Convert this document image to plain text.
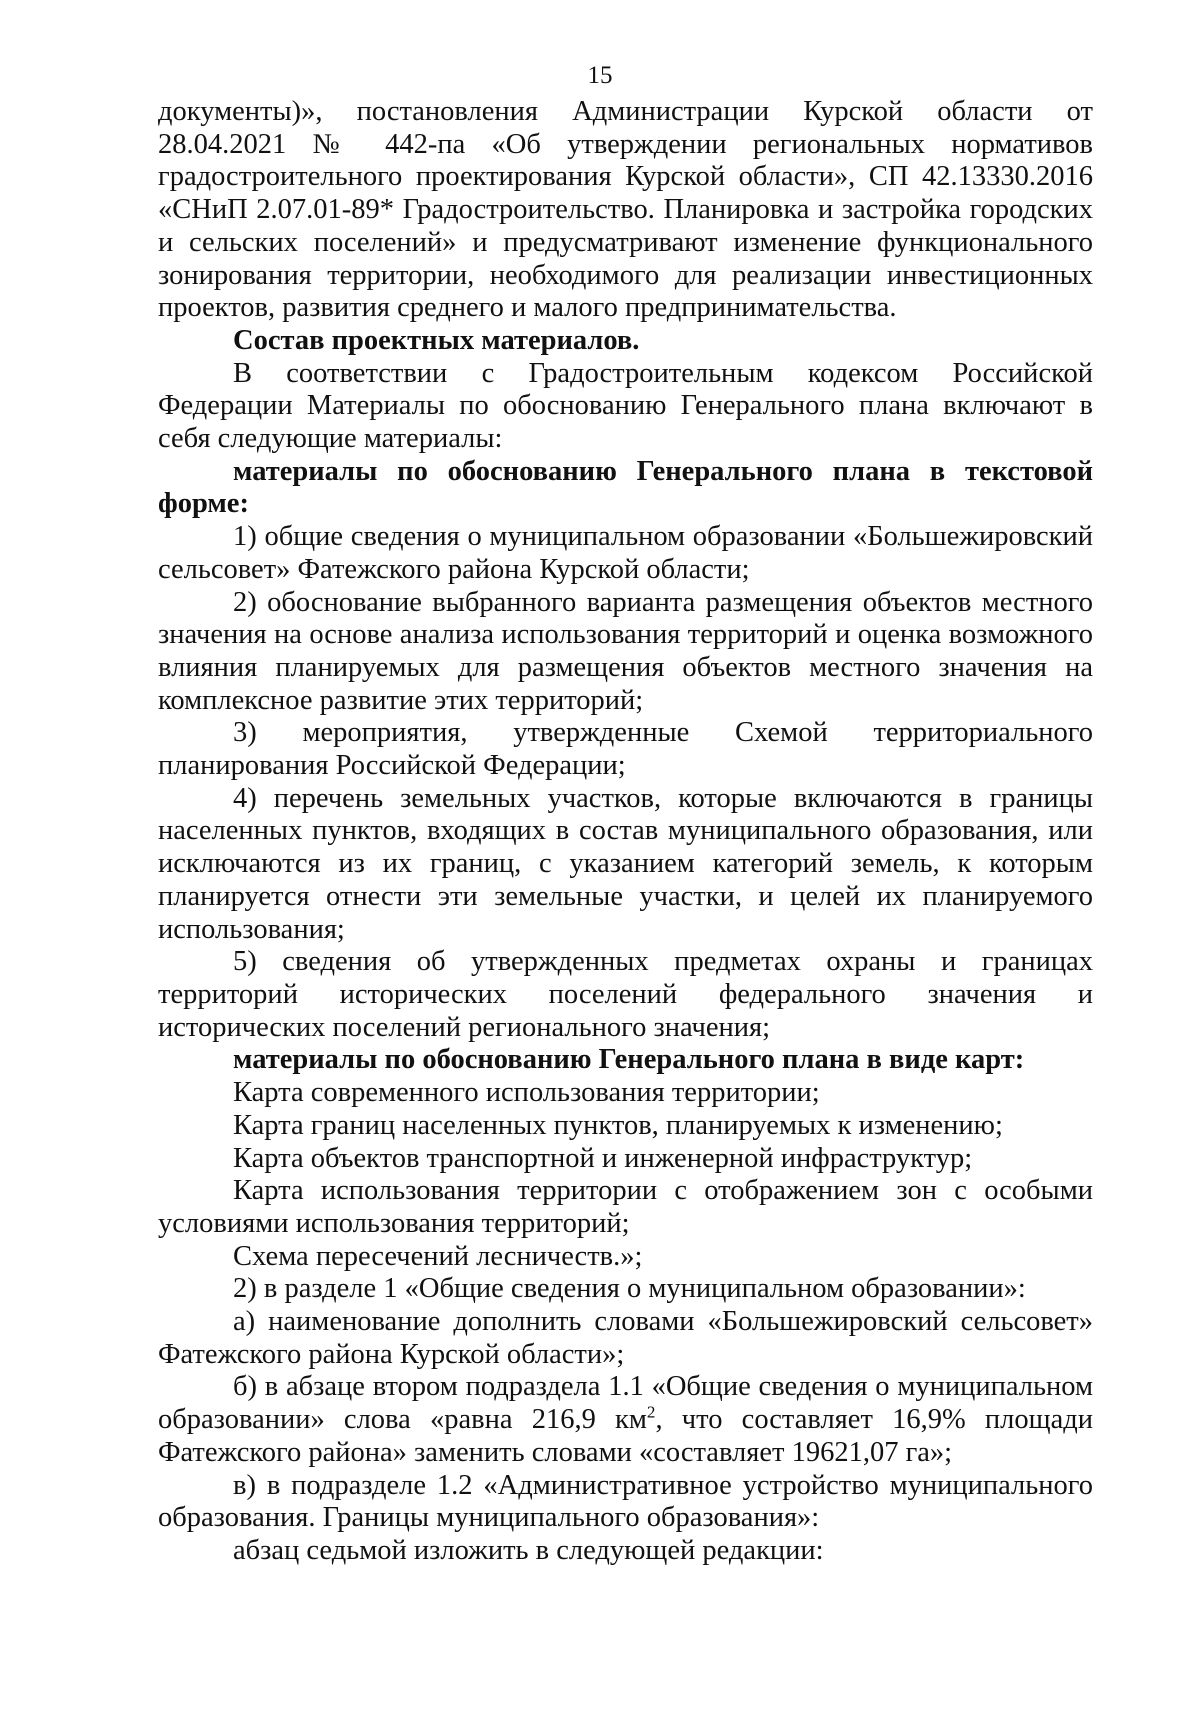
15

документы)», постановления Администрации Курской области от 28.04.2021 № 442-па «Об утверждении региональных нормативов градостроительного проектирования Курской области», СП 42.13330.2016 «СНиП 2.07.01-89* Градостроительство. Планировка и застройка городских и сельских поселений» и предусматривают изменение функционального зонирования территории, необходимого для реализации инвестиционных проектов, развития среднего и малого предпринимательства.

Состав проектных материалов.

В соответствии с Градостроительным кодексом Российской Федерации Материалы по обоснованию Генерального плана включают в себя следующие материалы:

материалы по обоснованию Генерального плана в текстовой форме:

1) общие сведения о муниципальном образовании «Большежировский сельсовет» Фатежского района Курской области;

2) обоснование выбранного варианта размещения объектов местного значения на основе анализа использования территорий и оценка возможного влияния планируемых для размещения объектов местного значения на комплексное развитие этих территорий;

3) мероприятия, утвержденные Схемой территориального планирования Российской Федерации;

4) перечень земельных участков, которые включаются в границы населенных пунктов, входящих в состав муниципального образования, или исключаются из их границ, с указанием категорий земель, к которым планируется отнести эти земельные участки, и целей их планируемого использования;

5) сведения об утвержденных предметах охраны и границах территорий исторических поселений федерального значения и исторических поселений регионального значения;

материалы по обоснованию Генерального плана в виде карт:

Карта современного использования территории;

Карта границ населенных пунктов, планируемых к изменению;

Карта объектов транспортной и инженерной инфраструктур;

Карта использования территории с отображением зон с особыми условиями использования территорий;

Схема пересечений лесничеств.»;

2) в разделе 1 «Общие сведения о муниципальном образовании»:

а) наименование дополнить словами «Большежировский сельсовет» Фатежского района Курской области»;

б) в абзаце втором подраздела 1.1 «Общие сведения о муниципальном образовании» слова «равна 216,9 $км^2$, что составляет 16,9% площади Фатежского района» заменить словами «составляет 19621,07 га»;

в) в подразделе 1.2 «Административное устройство муниципального образования. Границы муниципального образования»:

абзац седьмой изложить в следующей редакции:
